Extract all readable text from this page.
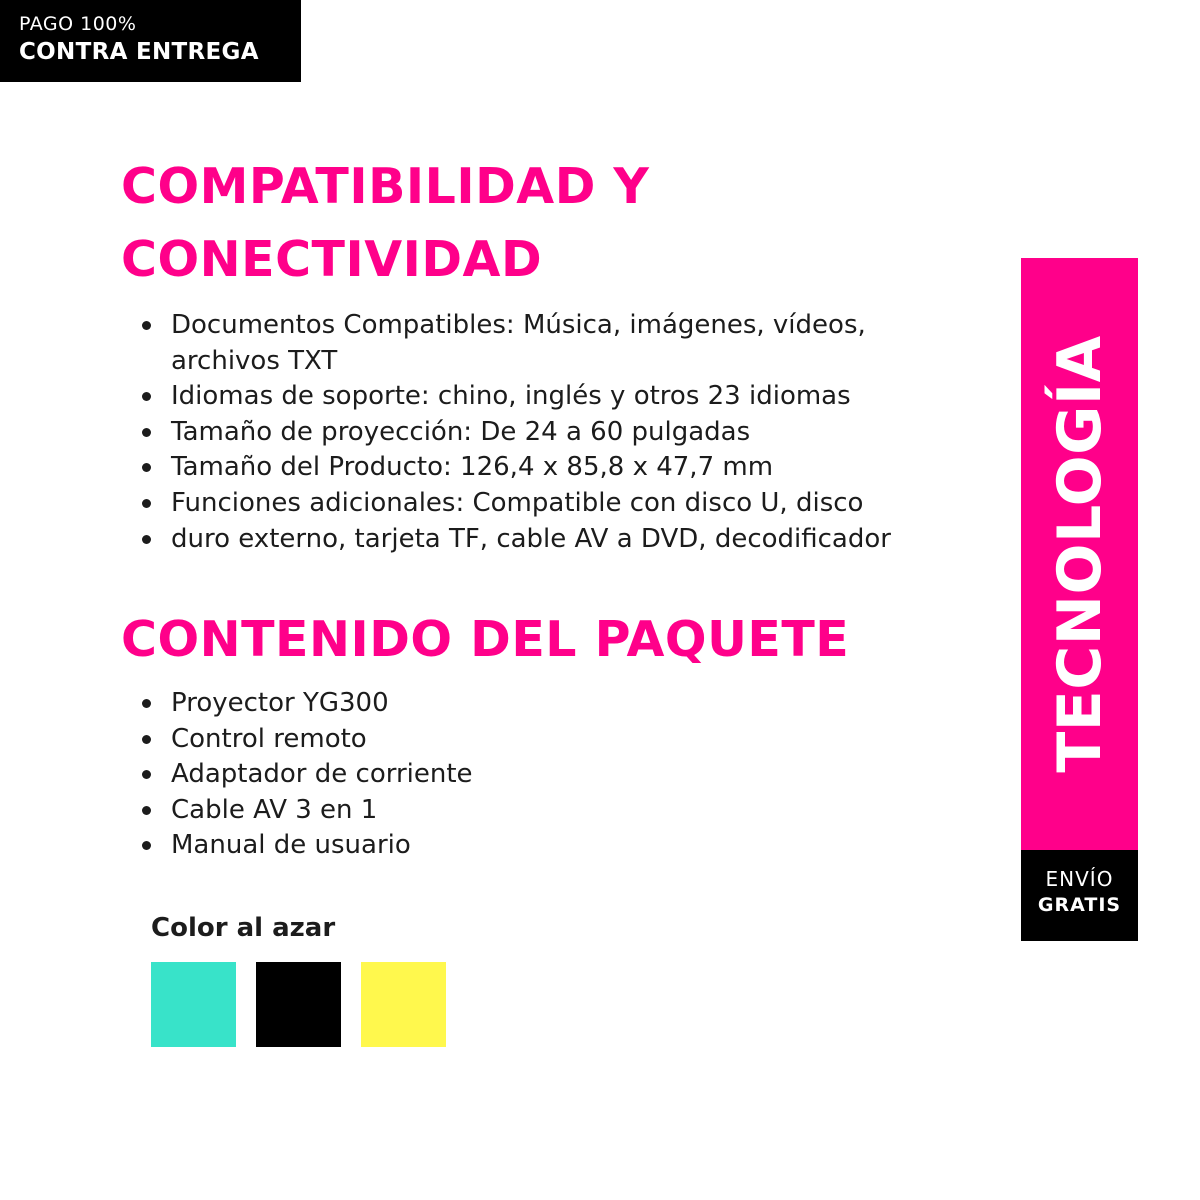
PAGO 100%
CONTRA ENTREGA
COMPATIBILIDAD Y
CONECTIVIDAD
Documentos Compatibles: Música, imágenes, vídeos, archivos TXT
Idiomas de soporte: chino, inglés y otros 23 idiomas
Tamaño de proyección: De 24 a 60 pulgadas
Tamaño del Producto: 126,4 x 85,8 x 47,7 mm
Funciones adicionales: Compatible con disco U, disco
duro externo, tarjeta TF, cable AV a DVD, decodificador
CONTENIDO DEL PAQUETE
Proyector YG300
Control remoto
Adaptador de corriente
Cable AV 3 en 1
Manual de usuario
TECNOLOGÍA
ENVÍO
GRATIS
Color al azar
